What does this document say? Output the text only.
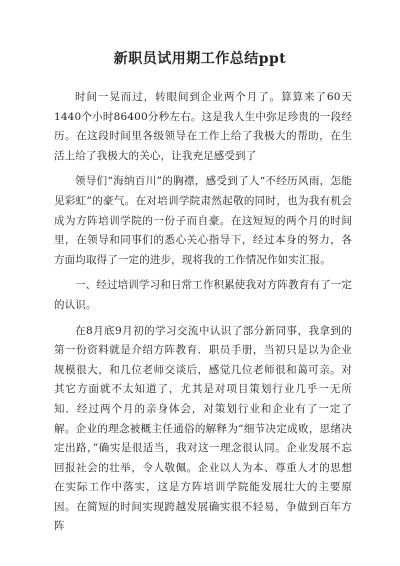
新职员试用期工作总结ppt

时间一晃而过，转眼间到企业两个月了。算算来了60天1440个小时86400分秒左右。这是我人生中弥足珍贵的一段经历。在这段时间里各级领导在工作上给了我极大的帮助，在生活上给了我极大的关心，让我充足感受到了

领导们“海纳百川”的胸襟，感受到了人“不经历风雨，怎能见彩虹”的豪气。在对培训学院肃然起敬的同时，也为我有机会成为方阵培训学院的一份子而自豪。在这短短的两个月的时间里，在领导和同事们的悉心关心指导下，经过本身的努力，各方面均取得了一定的进步，现将我的工作情况作如实汇报。

一、经过培训学习和日常工作积累使我对方阵教育有了一定的认识。

在8月底9月初的学习交流中认识了部分新同事，我拿到的第一份资料就是介绍方阵教育．职员手册，当初只是以为企业规模很大，和几位老师交谈后，感觉几位老师很和蔼可亲。对其它方面就不太知道了，尤其是对项目策划行业几乎一无所知．经过两个月的亲身体会，对策划行业和企业有了一定了解。企业的理念被概主任通俗的解释为“细节决定成败，思绪决定出路，”确实是很适当，我对这一理念很认同。企业发展不忘回报社会的壮举，令人敬佩。企业以人为本、尊重人才的思想在实际工作中落实，这是方阵培训学院能发展壮大的主要原因。在简短的时间实现跨越发展确实很不轻易，争做到百年方阵
